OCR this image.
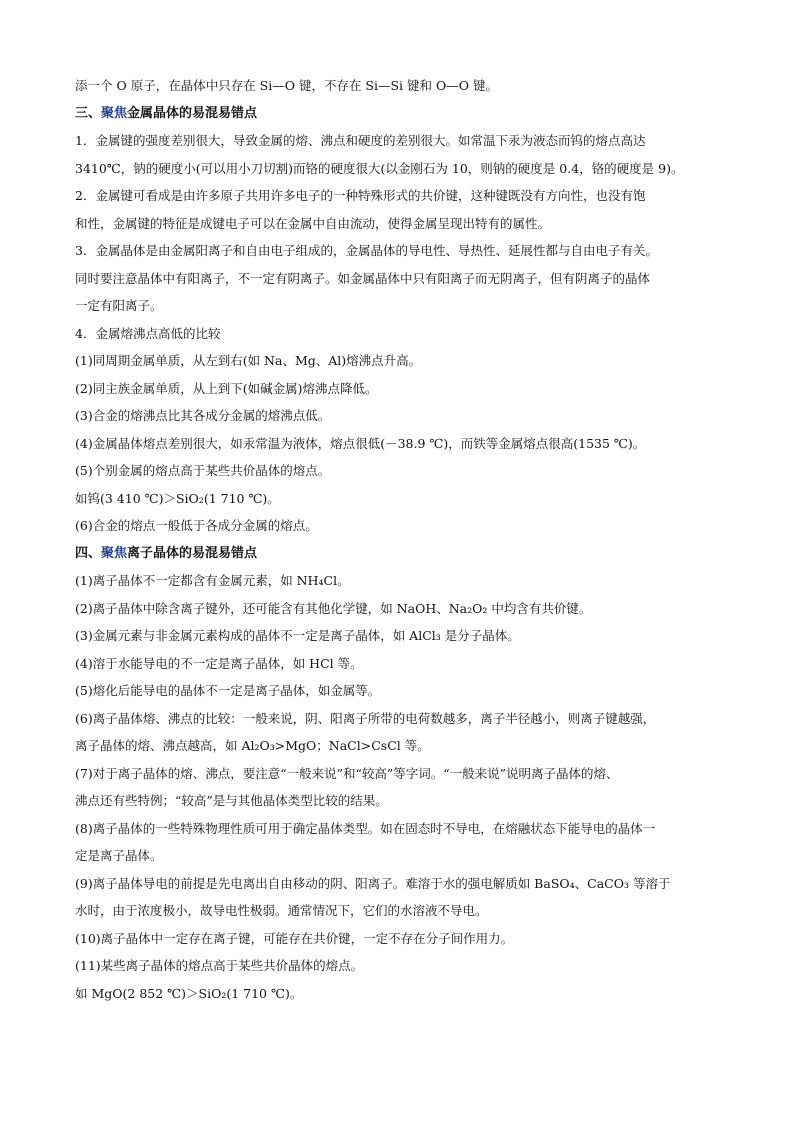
添一个 O 原子，在晶体中只存在 Si—O 键，不存在 Si—Si 键和 O—O 键。
三、聚焦金属晶体的易混易错点
1．金属键的强度差别很大，导致金属的熔、沸点和硬度的差别很大。如常温下汞为液态而钨的熔点高达
3410℃，钠的硬度小(可以用小刀切割)而铬的硬度很大(以金刚石为 10，则钠的硬度是 0.4，铬的硬度是 9)。
2．金属键可看成是由许多原子共用许多电子的一种特殊形式的共价键，这种键既没有方向性，也没有饱
和性，金属键的特征是成键电子可以在金属中自由流动，使得金属呈现出特有的属性。
3．金属晶体是由金属阳离子和自由电子组成的，金属晶体的导电性、导热性、延展性都与自由电子有关。
同时要注意晶体中有阳离子，不一定有阴离子。如金属晶体中只有阳离子而无阴离子，但有阴离子的晶体
一定有阳离子。
4．金属熔沸点高低的比较
(1)同周期金属单质，从左到右(如 Na、Mg、Al)熔沸点升高。
(2)同主族金属单质，从上到下(如碱金属)熔沸点降低。
(3)合金的熔沸点比其各成分金属的熔沸点低。
(4)金属晶体熔点差别很大，如汞常温为液体，熔点很低(－38.9 ℃)，而铁等金属熔点很高(1535 ℃)。
(5)个别金属的熔点高于某些共价晶体的熔点。
如钨(3 410 ℃)＞SiO₂(1 710 ℃)。
(6)合金的熔点一般低于各成分金属的熔点。
四、聚焦离子晶体的易混易错点
(1)离子晶体不一定都含有金属元素，如 NH₄Cl。
(2)离子晶体中除含离子键外，还可能含有其他化学键，如 NaOH、Na₂O₂ 中均含有共价键。
(3)金属元素与非金属元素构成的晶体不一定是离子晶体，如 AlCl₃ 是分子晶体。
(4)溶于水能导电的不一定是离子晶体，如 HCl 等。
(5)熔化后能导电的晶体不一定是离子晶体，如金属等。
(6)离子晶体熔、沸点的比较：一般来说，阴、阳离子所带的电荷数越多，离子半径越小，则离子键越强，
离子晶体的熔、沸点越高，如 Al₂O₃>MgO；NaCl>CsCl 等。
(7)对于离子晶体的熔、沸点，要注意“一般来说”和“较高”等字词。“一般来说”说明离子晶体的熔、
沸点还有些特例；“较高”是与其他晶体类型比较的结果。
(8)离子晶体的一些特殊物理性质可用于确定晶体类型。如在固态时不导电，在熔融状态下能导电的晶体一
定是离子晶体。
(9)离子晶体导电的前提是先电离出自由移动的阴、阳离子。难溶于水的强电解质如 BaSO₄、CaCO₃ 等溶于
水时，由于浓度极小，故导电性极弱。通常情况下，它们的水溶液不导电。
(10)离子晶体中一定存在离子键，可能存在共价键，一定不存在分子间作用力。
(11)某些离子晶体的熔点高于某些共价晶体的熔点。
如 MgO(2 852 ℃)＞SiO₂(1 710 ℃)。
